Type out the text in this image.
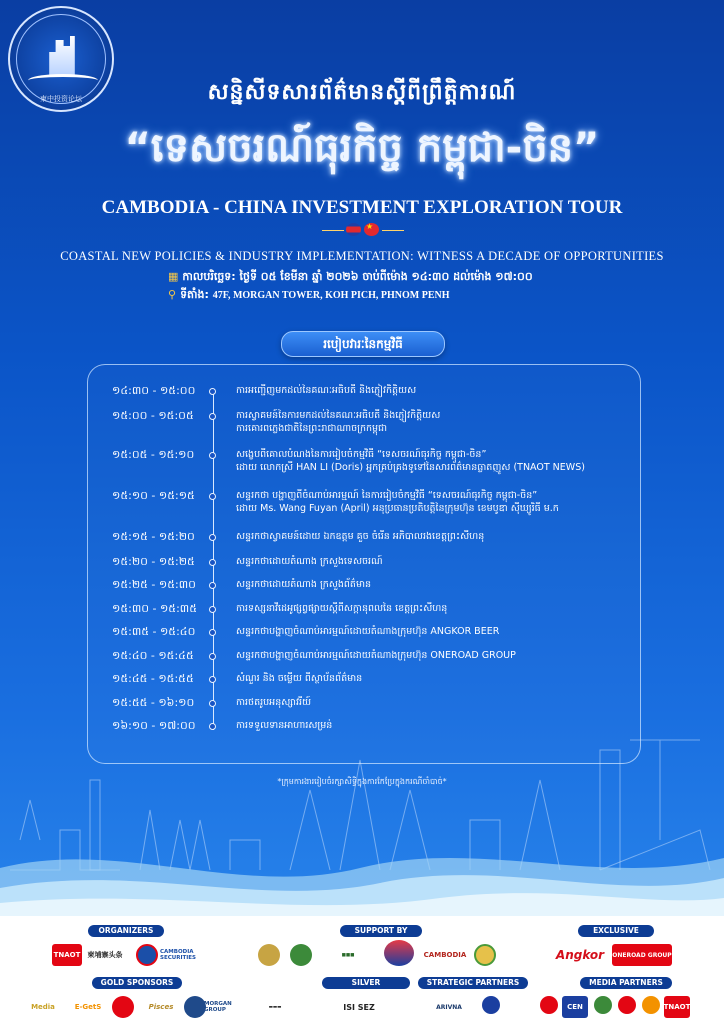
柬中投资论坛	សន្និសីទសារព័ត៌មានស្តីពីព្រឹត្តិការណ៍
“ទេសចរណ៍ធុរកិច្ច កម្ពុជា-ចិន”
CAMBODIA - CHINA INVESTMENT EXPLORATION TOUR
★
COASTAL NEW POLICIES & INDUSTRY IMPLEMENTATION: WITNESS A DECADE OF OPPORTUNITIES
▦ កាលបរិច្ឆេទ: ថ្ងៃទី ០៥ ខែមីនា ឆ្នាំ ២០២៦ ចាប់ពីម៉ោង ១៤:៣០ ដល់ម៉ោង ១៧:០០
⚲ ទីតាំង: 47F, MORGAN TOWER, KOH PICH, PHNOM PENH
របៀបវារៈនៃកម្មវិធី
១៤:៣០ - ១៥:០០	ការអញ្ជើញមកដល់នៃគណៈអធិបតី និងភ្ញៀវកិត្តិយស
១៥:០០ - ១៥:០៥	ការស្វាគមន៍នៃការមកដល់នៃគណៈអធិបតី និងភ្ញៀវកិត្តិយស
ការគោរពភ្លេងជាតិនៃព្រះរាជាណាចក្រកម្ពុជា
១៥:០៥ - ១៥:១០	សង្ខេបពីគោលបំណងនៃការរៀបចំកម្មវិធី “ទេសចរណ៍ធុរកិច្ច កម្ពុជា-ចិន”
ដោយ លោកស្រី HAN LI (Doris) អ្នកគ្រប់គ្រងទូទៅនៃសារព័ត៌មានធ្លាតញូស (TNAOT NEWS)
១៥:១០ - ១៥:១៥	សន្ទរកថា បង្ហាញពីចំណាប់អារម្មណ៍ នៃការរៀបចំកម្មវិធី “ទេសចរណ៍ធុរកិច្ច កម្ពុជា-ចិន”
ដោយ Ms. Wang Fuyan (April) អនុប្រធានប្រតិបត្តិនៃក្រុមហ៊ុន ខេមបូឌា ស៊ីឃ្យូរិធី ម.ក
១៥:១៥ - ១៥:២០	សន្ទរកថាស្វាគមន៍ដោយ ឯកឧត្តម គួច ចំរើន អភិបាលរងខេត្តព្រះសីហនុ
១៥:២០ - ១៥:២៥	សន្ទរកថាដោយតំណាង ក្រសួងទេសចរណ៍
១៥:២៥ - ១៥:៣០	សន្ទរកថាដោយតំណាង ក្រសួងព័ត៌មាន
១៥:៣០ - ១៥:៣៥	ការទស្សនាវីដេអូផ្សព្វផ្សាយស្តីពីសក្តានុពលនៃ ខេត្តព្រះសីហនុ
១៥:៣៥ - ១៥:៤០	សន្ទរកថាបង្ហាញចំណាប់អារម្មណ៍ដោយតំណាងក្រុមហ៊ុន ANGKOR BEER
១៥:៤០ - ១៥:៤៥	សន្ទរកថាបង្ហាញចំណាប់អារម្មណ៍ដោយតំណាងក្រុមហ៊ុន ONEROAD GROUP
១៥:៤៥ - ១៥:៥៥	សំណួរ និង ចម្លើយ ពីស្ថាប័នព័ត៌មាន
១៥:៥៥ - ១៦:១០	ការថតរូបអនុស្សាវរីយ៍
១៦:១០ - ១៧:០០	ការទទួលទានអាហារសម្រន់
*ក្រុមការងាររៀបចំរក្សាសិទ្ធិក្នុងការកែប្រែក្នុងករណីចាំបាច់*
ORGANIZERS	SUPPORT BY	EXCLUSIVE
TNAOT	柬埔寨头条	CAMBODIA SECURITIES	■■■	CAMBODIA	Angkor	ONEROAD GROUP
GOLD SPONSORS	SILVER SPONSOR
STRATEGIC PARTNERS	MEDIA PARTNERS
Media	E-GetS	Pisces	MORGAN GROUP	▬▬▬	ISI SEZ	ARIVNA	CEN	TNAOT
